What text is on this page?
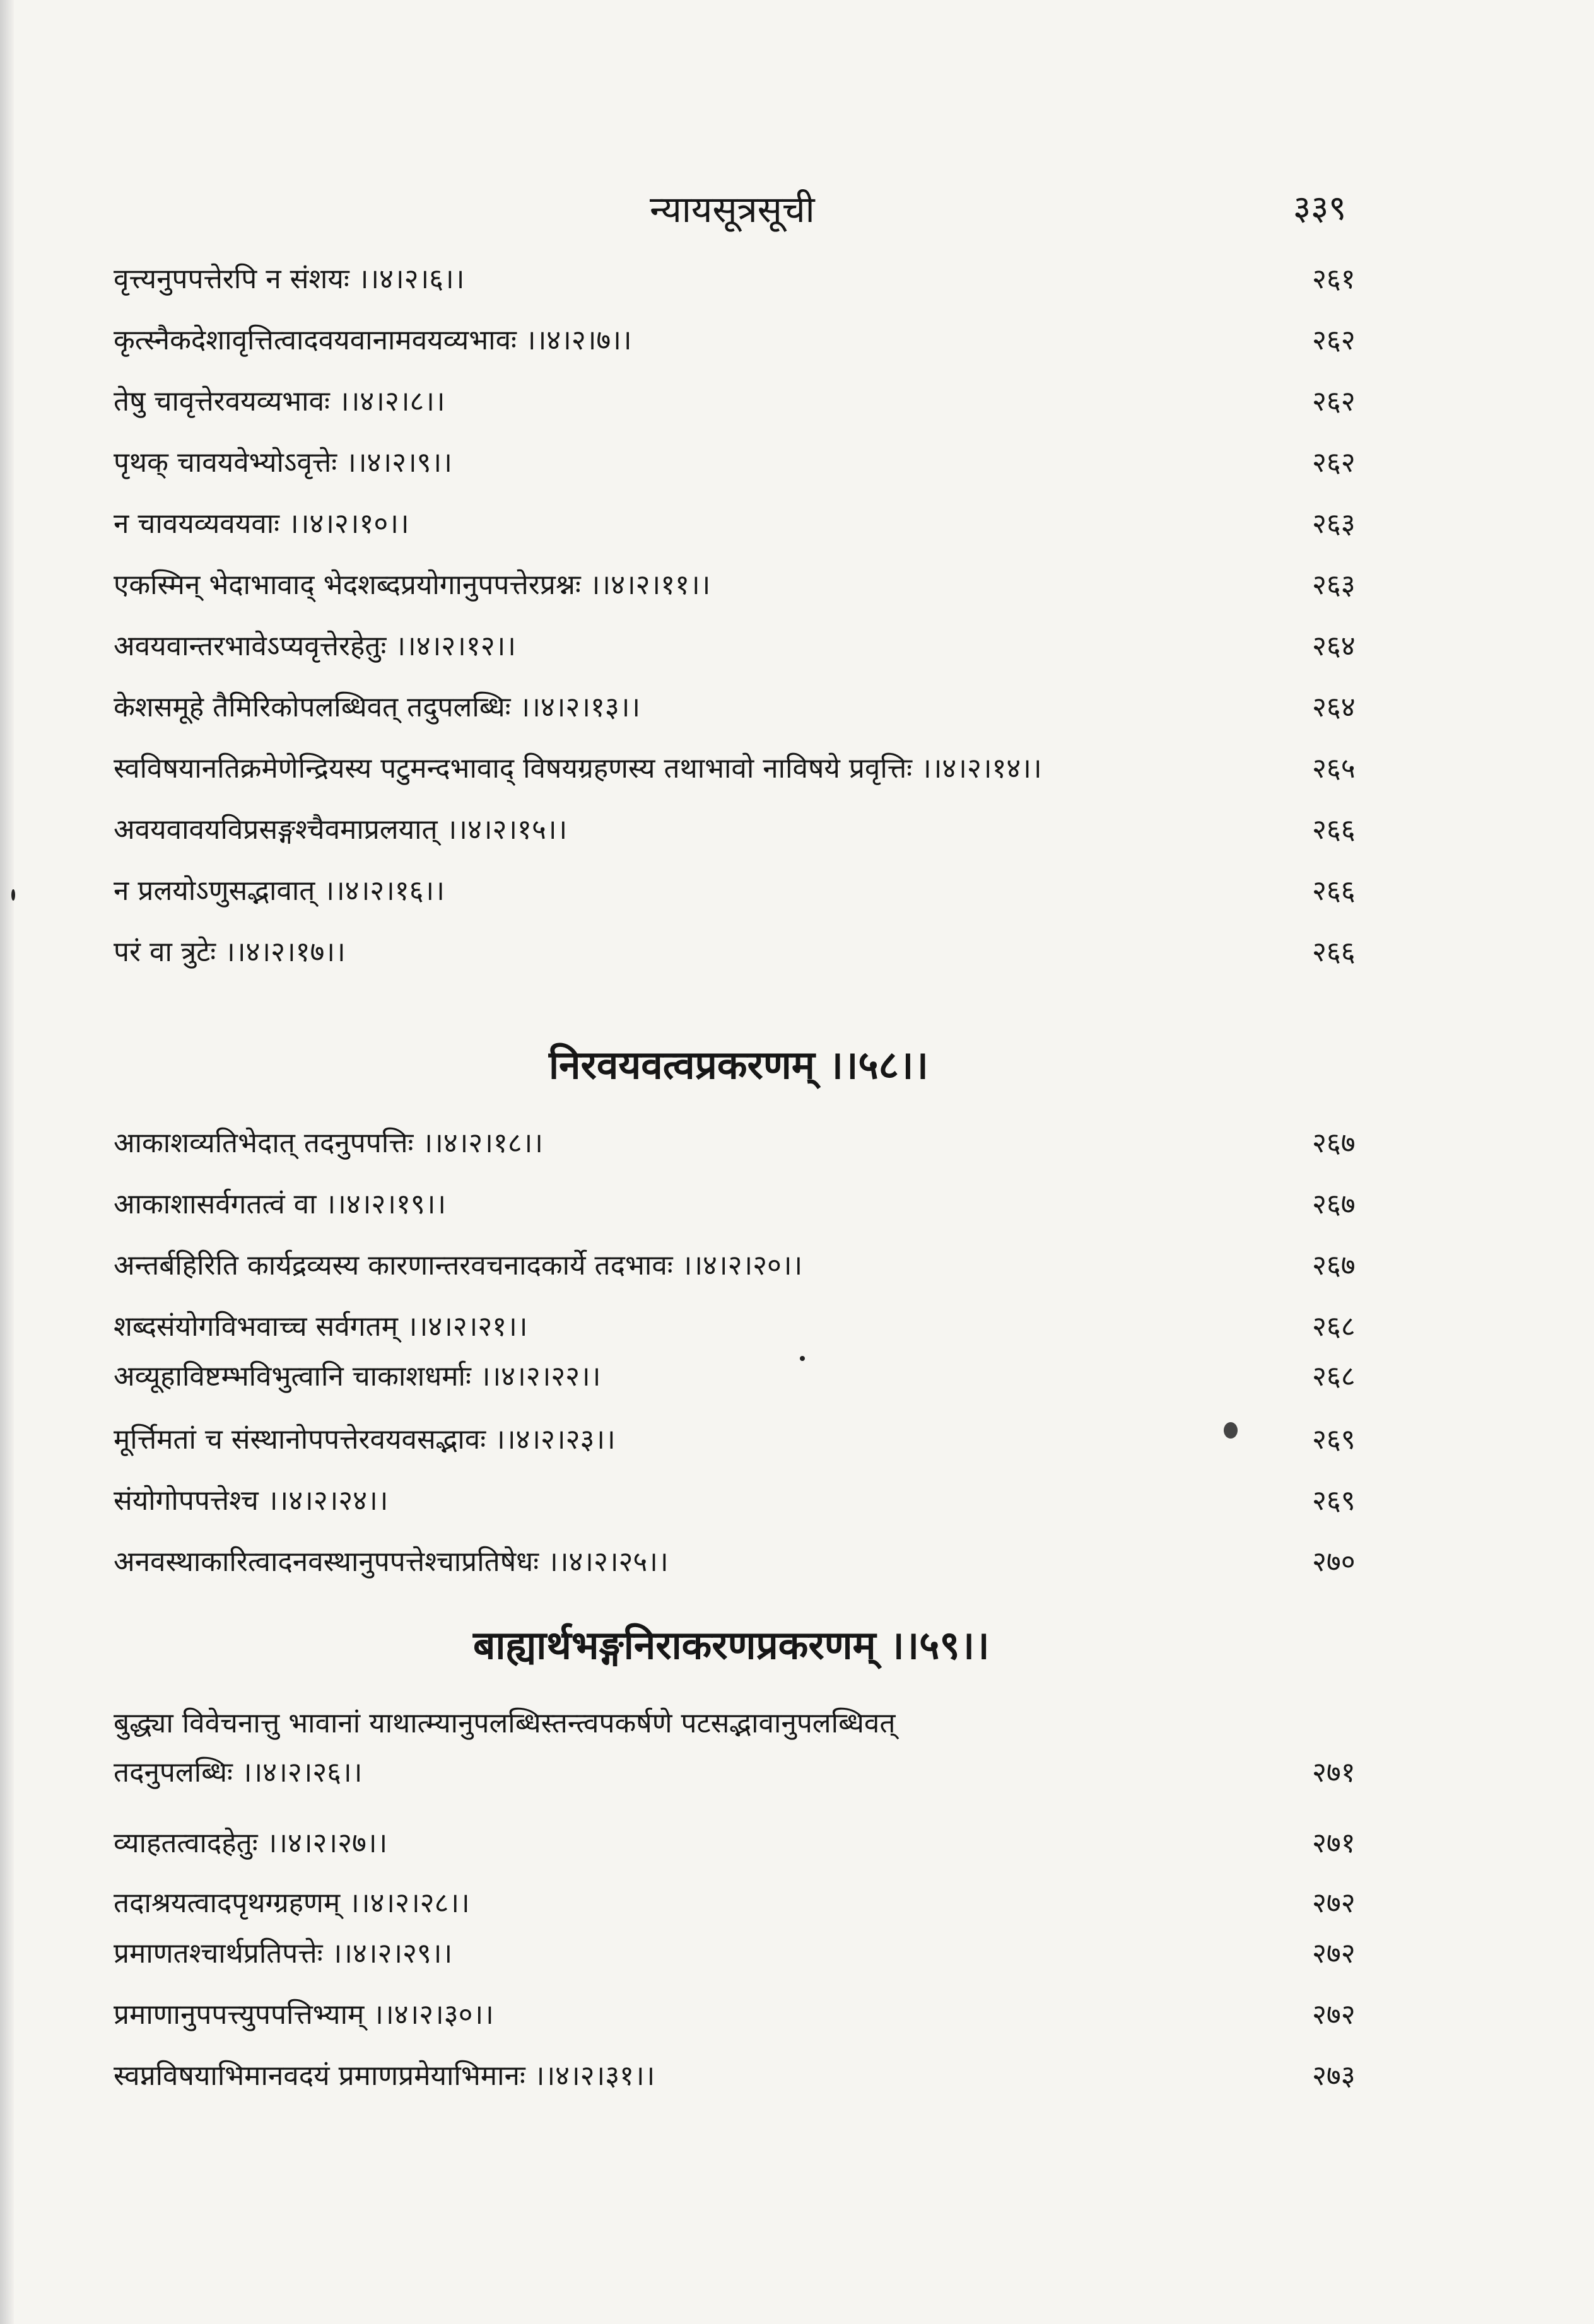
न्यायसूत्रसूची	३३९
वृत्त्यनुपपत्तेरपि न संशयः ।।४।२।६।।	२६१
कृत्स्नैकदेशावृत्तित्वादवयवानामवयव्यभावः ।।४।२।७।।	२६२
तेषु चावृत्तेरवयव्यभावः ।।४।२।८।।	२६२
पृथक् चावयवेभ्योऽवृत्तेः ।।४।२।९।।	२६२
न चावयव्यवयवाः ।।४।२।१०।।	२६३
एकस्मिन् भेदाभावाद् भेदशब्दप्रयोगानुपपत्तेरप्रश्नः ।।४।२।११।।	२६३
अवयवान्तरभावेऽप्यवृत्तेरहेतुः ।।४।२।१२।।	२६४
केशसमूहे तैमिरिकोपलब्धिवत् तदुपलब्धिः ।।४।२।१३।।	२६४
स्वविषयानतिक्रमेणेन्द्रियस्य पटुमन्दभावाद् विषयग्रहणस्य तथाभावो नाविषये प्रवृत्तिः ।।४।२।१४।।	२६५
अवयवावयविप्रसङ्गश्चैवमाप्रलयात् ।।४।२।१५।।	२६६
न प्रलयोऽणुसद्भावात् ।।४।२।१६।।	२६६
परं वा त्रुटेः ।।४।२।१७।।	२६६
निरवयवत्वप्रकरणम् ।।५८।।
आकाशव्यतिभेदात् तदनुपपत्तिः ।।४।२।१८।।	२६७
आकाशासर्वगतत्वं वा ।।४।२।१९।।	२६७
अन्तर्बहिरिति कार्यद्रव्यस्य कारणान्तरवचनादकार्ये तदभावः ।।४।२।२०।।	२६७
शब्दसंयोगविभवाच्च सर्वगतम् ।।४।२।२१।।	२६८
अव्यूहाविष्टम्भविभुत्वानि चाकाशधर्माः ।।४।२।२२।।	२६८
मूर्त्तिमतां च संस्थानोपपत्तेरवयवसद्भावः ।।४।२।२३।।	२६९
संयोगोपपत्तेश्च ।।४।२।२४।।	२६९
अनवस्थाकारित्वादनवस्थानुपपत्तेश्चाप्रतिषेधः ।।४।२।२५।।	२७०
बाह्यार्थभङ्गनिराकरणप्रकरणम् ।।५९।।
बुद्ध्या विवेचनात्तु भावानां याथात्म्यानुपलब्धिस्तन्त्वपकर्षणे पटसद्भावानुपलब्धिवत्
तदनुपलब्धिः ।।४।२।२६।।	२७१
व्याहतत्वादहेतुः ।।४।२।२७।।	२७१
तदाश्रयत्वादपृथग्ग्रहणम् ।।४।२।२८।।	२७२
प्रमाणतश्चार्थप्रतिपत्तेः ।।४।२।२९।।	२७२
प्रमाणानुपपत्त्युपपत्तिभ्याम् ।।४।२।३०।।	२७२
स्वप्नविषयाभिमानवदयं प्रमाणप्रमेयाभिमानः ।।४।२।३१।।	२७३
